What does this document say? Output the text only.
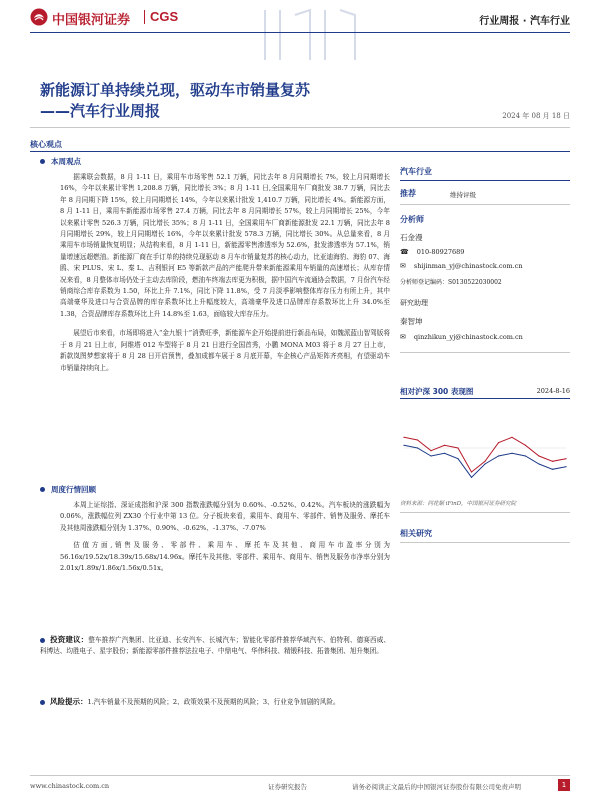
中国银河证券 CGS	行业周报 · 汽车行业
新能源订单持续兑现，驱动车市销量复苏
——汽车行业周报	2024 年 08 月 18 日
核心观点
本周观点

据乘联会数据，8 月 1-11 日，乘用车市场零售 52.1 万辆，同比去年 8 月同期增长 7%，较上月同期增长 16%，今年以来累计零售 1,208.8 万辆，同比增长 3%；8 月 1-11 日,全国乘用车厂商批发 38.7 万辆，同比去年 8 月同期下降 15%，较上月同期增长 14%，今年以来累计批发 1,410.7 万辆，同比增长 4%。新能源方面，8 月 1-11 日，乘用车新能源市场零售 27.4 万辆，同比去年 8 月同期增长 57%，较上月同期增长 25%，今年以来累计零售 526.3 万辆，同比增长 35%；8 月 1-11 日，全国乘用车厂商新能源批发 22.1 万辆，同比去年 8 月同期增长 29%，较上月同期增长 16%，今年以来累计批发 578.3 万辆，同比增长 30%。从总量来看，8 月乘用车市场销量恢复明显；从结构来看，8 月 1-11 日，新能源零售渗透率为 52.6%，批发渗透率为 57.1%，销量增速远超燃油。新能源厂商在手订单的持续兑现驱动 8 月车市销量复苏的核心动力，比亚迪海豹、海豹 07、海鸥、宋 PLUS、宋 L、秦 L、吉利银河 E5 等新款产品的产能爬升带来新能源乘用车销量的高速增长；从库存情况来看，8 月整体市场仍处于主动去库阶段，燃油车终端去库更为积极，据中国汽车流通协会数据，7 月份汽车经销商综合库存系数为 1.50，环比上升 7.1%，同比下降 11.8%，受 7 月淡季影响整体库存压力有所上升，其中高端豪华及进口与合资品牌的库存系数环比上升幅度较大，高端豪华及进口品牌库存系数环比上升 34.0%至 1.38，合资品牌库存系数环比上升 14.8%至 1.63，面临较大库存压力。

展望后市来看，市场即将进入“金九银十”消费旺季，新能源车企开始提前进行新品布局，如魏派蓝山智驾版将于 8 月 21 日上市，阿维塔 012 车型将于 8 月 21 日进行全国首秀，小鹏 MONA M03 将于 8 月 27 日上市，新款岚图梦想家将于 8 月 28 日开启预售，叠加成都车展于 8 月底开幕，车企核心产品矩阵齐亮相，有望驱动车市销量持续向上。

周度行情回顾

本周上证综指、深证成指和沪深 300 指数涨跌幅分别为 0.60%、-0.52%、0.42%。汽车板块的涨跌幅为 0.06%，涨跌幅位列 ZX30 个行业中第 13 位。分子板块来看，乘用车、商用车、零部件、销售及服务、摩托车及其他周涨跌幅分别为 1.37%、0.90%、-0.62%、-1.37%、-7.07%

估值方面,销售及服务、零部件、乘用车、摩托车及其他、商用车市盈率分别为 56.16x/19.52x/18.39x/15.68x/14.96x。摩托车及其他、零部件、乘用车、商用车、销售及服务市净率分别为 2.01x/1.89x/1.86x/1.56x/0.51x。

投资建议：整车推荐广汽集团、比亚迪、长安汽车、长城汽车；智能化零部件推荐华域汽车、伯特利、德赛西威、科博达、均胜电子、星宇股份；新能源零部件推荐法拉电子、中鼎电气、华伟科技、精锻科技、拓普集团、旭升集团。

风险提示：1.汽车销量不及预期的风险；2、政策效果不及预期的风险；3、行业竞争加剧的风险。

汽车行业
推荐	维持评级
分析师
石金漫
☎ 010-80927689
✉ shijinman_yj@chinastock.com.cn
分析师登记编码：S0130522030002
研究助理
秦智坤
✉ qinzhikun_yj@chinastock.com.cn
相对沪深 300 表现图	2024-8-16
资料来源：同花顺 iFinD，中国银河证券研究院
相关研究
www.chinastock.com.cn	证券研究报告	请务必阅读正文最后的中国银河证券股份有限公司免责声明	1
